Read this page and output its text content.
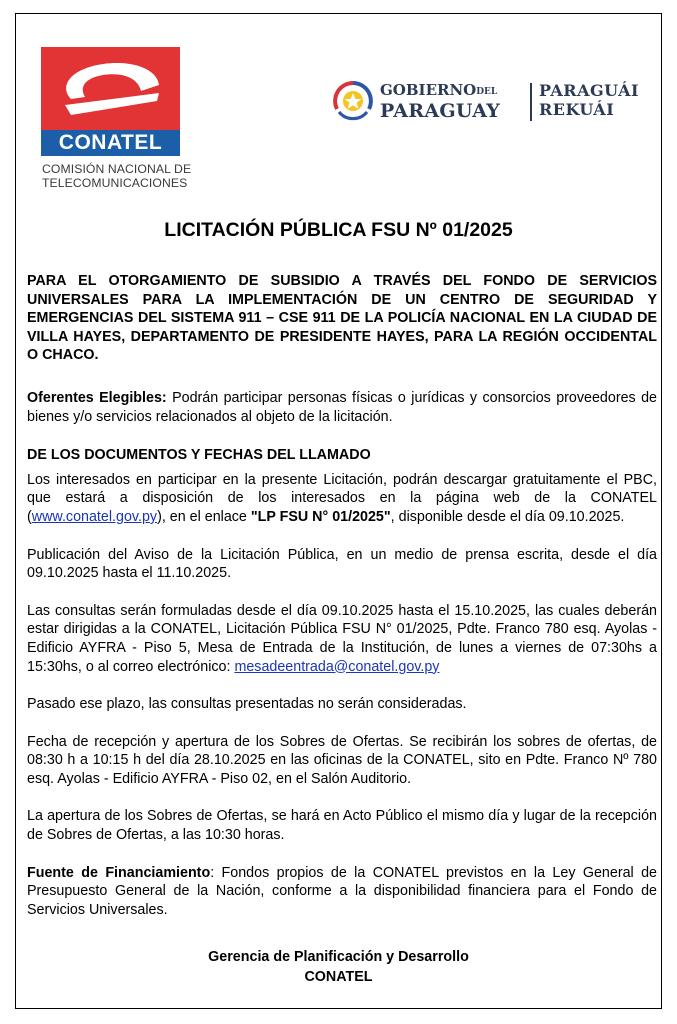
CONATEL
COMISIÓN NACIONAL DE
TELECOMUNICACIONES
GOBIERNODEL
PARAGUAY
PARAGUÁI
REKUÁI
LICITACIÓN PÚBLICA FSU Nº 01/2025

PARA EL OTORGAMIENTO DE SUBSIDIO A TRAVÉS DEL FONDO DE SERVICIOS UNIVERSALES PARA LA IMPLEMENTACIÓN DE UN CENTRO DE SEGURIDAD Y EMERGENCIAS DEL SISTEMA 911 – CSE 911 DE LA POLICÍA NACIONAL EN LA CIUDAD DE VILLA HAYES, DEPARTAMENTO DE PRESIDENTE HAYES, PARA LA REGIÓN OCCIDENTAL O CHACO.

Oferentes Elegibles: Podrán participar personas físicas o jurídicas y consorcios proveedores de bienes y/o servicios relacionados al objeto de la licitación.

DE LOS DOCUMENTOS Y FECHAS DEL LLAMADO

Los interesados en participar en la presente Licitación, podrán descargar gratuitamente el PBC, que estará a disposición de los interesados en la página web de la CONATEL (www.conatel.gov.py), en el enlace "LP FSU N° 01/2025", disponible desde el día 09.10.2025.

Publicación del Aviso de la Licitación Pública, en un medio de prensa escrita, desde el día 09.10.2025 hasta el 11.10.2025.

Las consultas serán formuladas desde el día 09.10.2025 hasta el 15.10.2025, las cuales deberán estar dirigidas a la CONATEL, Licitación Pública FSU N° 01/2025, Pdte. Franco 780 esq. Ayolas - Edificio AYFRA - Piso 5, Mesa de Entrada de la Institución, de lunes a viernes de 07:30hs a 15:30hs, o al correo electrónico: mesadeentrada@conatel.gov.py

Pasado ese plazo, las consultas presentadas no serán consideradas.

Fecha de recepción y apertura de los Sobres de Ofertas. Se recibirán los sobres de ofertas, de 08:30 h a 10:15 h del día 28.10.2025 en las oficinas de la CONATEL, sito en Pdte. Franco Nº 780 esq. Ayolas - Edificio AYFRA - Piso 02, en el Salón Auditorio.

La apertura de los Sobres de Ofertas, se hará en Acto Público el mismo día y lugar de la recepción de Sobres de Ofertas, a las 10:30 horas.

Fuente de Financiamiento: Fondos propios de la CONATEL previstos en la Ley General de Presupuesto General de la Nación, conforme a la disponibilidad financiera para el Fondo de Servicios Universales.

Gerencia de Planificación y Desarrollo
CONATEL
